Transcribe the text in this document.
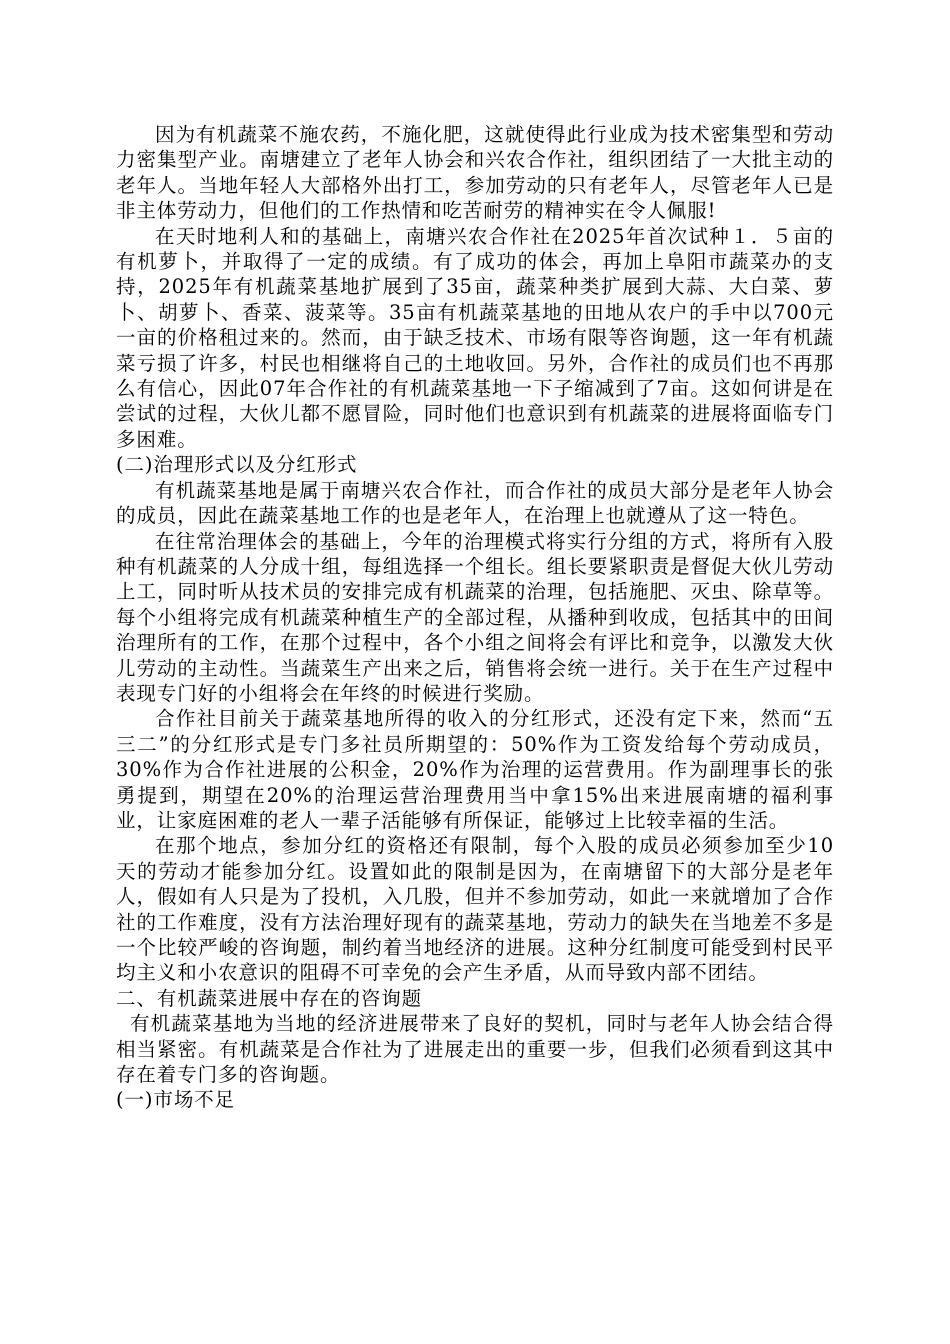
因为有机蔬菜不施农药，不施化肥，这就使得此行业成为技术密集型和劳动力密集型产业。南塘建立了老年人协会和兴农合作社，组织团结了一大批主动的老年人。当地年轻人大部格外出打工，参加劳动的只有老年人，尽管老年人已是非主体劳动力，但他们的工作热情和吃苦耐劳的精神实在令人佩服!

在天时地利人和的基础上，南塘兴农合作社在2025年首次试种１．５亩的有机萝卜，并取得了一定的成绩。有了成功的体会，再加上阜阳市蔬菜办的支持，2025年有机蔬菜基地扩展到了35亩，蔬菜种类扩展到大蒜、大白菜、萝卜、胡萝卜、香菜、菠菜等。35亩有机蔬菜基地的田地从农户的手中以700元一亩的价格租过来的。然而，由于缺乏技术、市场有限等咨询题，这一年有机蔬菜亏损了许多，村民也相继将自己的土地收回。另外，合作社的成员们也不再那么有信心，因此07年合作社的有机蔬菜基地一下子缩减到了7亩。这如何讲是在尝试的过程，大伙儿都不愿冒险，同时他们也意识到有机蔬菜的进展将面临专门多困难。

(二)治理形式以及分红形式

有机蔬菜基地是属于南塘兴农合作社，而合作社的成员大部分是老年人协会的成员，因此在蔬菜基地工作的也是老年人，在治理上也就遵从了这一特色。

在往常治理体会的基础上，今年的治理模式将实行分组的方式，将所有入股种有机蔬菜的人分成十组，每组选择一个组长。组长要紧职责是督促大伙儿劳动上工，同时听从技术员的安排完成有机蔬菜的治理，包括施肥、灭虫、除草等。每个小组将完成有机蔬菜种植生产的全部过程，从播种到收成，包括其中的田间治理所有的工作，在那个过程中，各个小组之间将会有评比和竞争，以激发大伙儿劳动的主动性。当蔬菜生产出来之后，销售将会统一进行。关于在生产过程中表现专门好的小组将会在年终的时候进行奖励。

合作社目前关于蔬菜基地所得的收入的分红形式，还没有定下来，然而“五三二”的分红形式是专门多社员所期望的：50%作为工资发给每个劳动成员，30%作为合作社进展的公积金，20%作为治理的运营费用。作为副理事长的张勇提到，期望在20%的治理运营治理费用当中拿15%出来进展南塘的福利事业，让家庭困难的老人一辈子活能够有所保证，能够过上比较幸福的生活。

在那个地点，参加分红的资格还有限制，每个入股的成员必须参加至少10天的劳动才能参加分红。设置如此的限制是因为，在南塘留下的大部分是老年人，假如有人只是为了投机，入几股，但并不参加劳动，如此一来就增加了合作社的工作难度，没有方法治理好现有的蔬菜基地，劳动力的缺失在当地差不多是一个比较严峻的咨询题，制约着当地经济的进展。这种分红制度可能受到村民平均主义和小农意识的阻碍不可幸免的会产生矛盾，从而导致内部不团结。

二、有机蔬菜进展中存在的咨询题

有机蔬菜基地为当地的经济进展带来了良好的契机，同时与老年人协会结合得相当紧密。有机蔬菜是合作社为了进展走出的重要一步，但我们必须看到这其中存在着专门多的咨询题。

(一)市场不足
